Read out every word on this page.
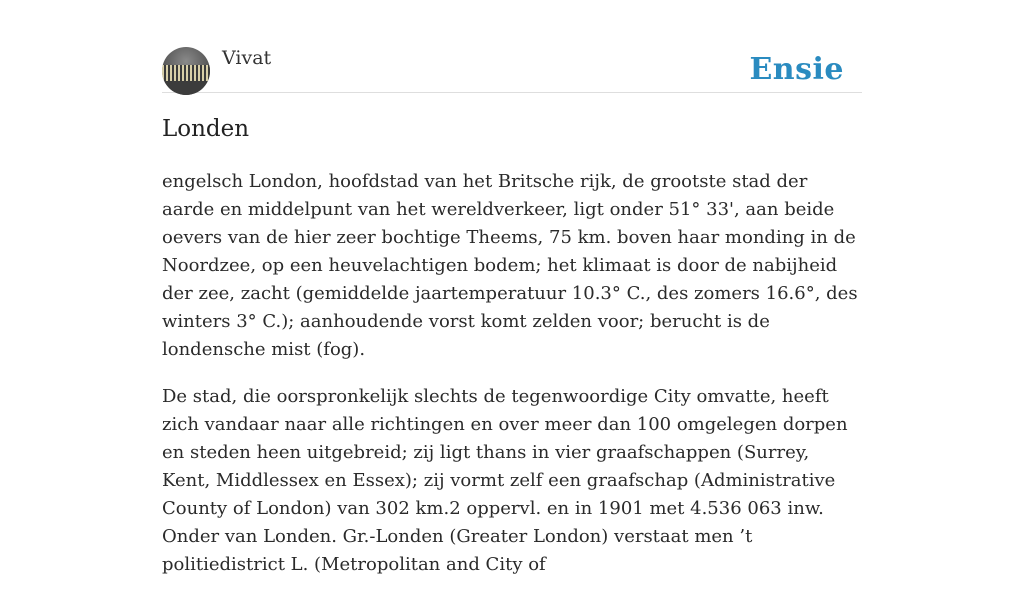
Vivat	Ensie
Londen

engelsch London, hoofdstad van het Britsche rijk, de grootste stad der aarde en middelpunt van het wereldverkeer, ligt onder 51° 33', aan beide oevers van de hier zeer bochtige Theems, 75 km. boven haar monding in de Noordzee, op een heuvelachtigen bodem; het klimaat is door de nabijheid der zee, zacht (gemiddelde jaartemperatuur 10.3° C., des zomers 16.6°, des winters 3° C.); aanhoudende vorst komt zelden voor; berucht is de londensche mist (fog).

De stad, die oorspronkelijk slechts de tegenwoordige City omvatte, heeft zich vandaar naar alle richtingen en over meer dan 100 omgelegen dorpen en steden heen uitgebreid; zij ligt thans in vier graafschappen (Surrey, Kent, Middlessex en Essex); zij vormt zelf een graafschap (Administrative County of London) van 302 km.2 oppervl. en in 1901 met 4.536 063 inw. Onder van Londen. Gr.-Londen (Greater London) verstaat men ’t politiedistrict L. (Metropolitan and City of
